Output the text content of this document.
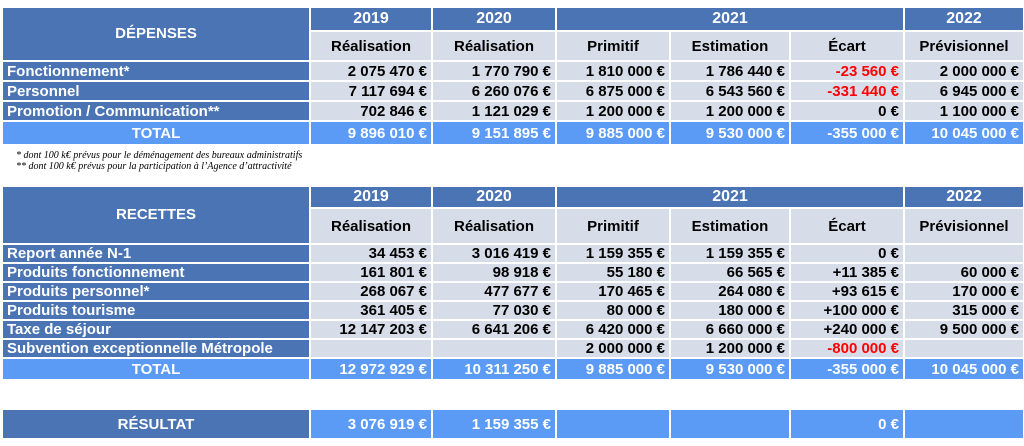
DÉPENSES	2019	2020	2021			2022
	Réalisation	Réalisation	Primitif	Estimation	Écart	Prévisionnel
Fonctionnement*	2 075 470 €	1 770 790 €	1 810 000 €	1 786 440 €	-23 560 €	2 000 000 €
Personnel	7 117 694 €	6 260 076 €	6 875 000 €	6 543 560 €	-331 440 €	6 945 000 €
Promotion / Communication**	702 846 €	1 121 029 €	1 200 000 €	1 200 000 €	0 €	1 100 000 €
TOTAL	9 896 010 €	9 151 895 €	9 885 000 €	9 530 000 €	-355 000 €	10 045 000 €
* dont 100 k€ prévus pour le déménagement des bureaux administratifs
** dont 100 k€ prévus pour la participation à l’Agence d’attractivité
RECETTES	2019	2020	2021			2022
	Réalisation	Réalisation	Primitif	Estimation	Écart	Prévisionnel
Report année N-1	34 453 €	3 016 419 €	1 159 355 €	1 159 355 €	0 €	
Produits fonctionnement	161 801 €	98 918 €	55 180 €	66 565 €	+11 385 €	60 000 €
Produits personnel*	268 067 €	477 677 €	170 465 €	264 080 €	+93 615 €	170 000 €
Produits tourisme	361 405 €	77 030 €	80 000 €	180 000 €	+100 000 €	315 000 €
Taxe de séjour	12 147 203 €	6 641 206 €	6 420 000 €	6 660 000 €	+240 000 €	9 500 000 €
Subvention exceptionnelle Métropole			2 000 000 €	1 200 000 €	-800 000 €	
TOTAL	12 972 929 €	10 311 250 €	9 885 000 €	9 530 000 €	-355 000 €	10 045 000 €
RÉSULTAT	3 076 919 €	1 159 355 €			0 €	
